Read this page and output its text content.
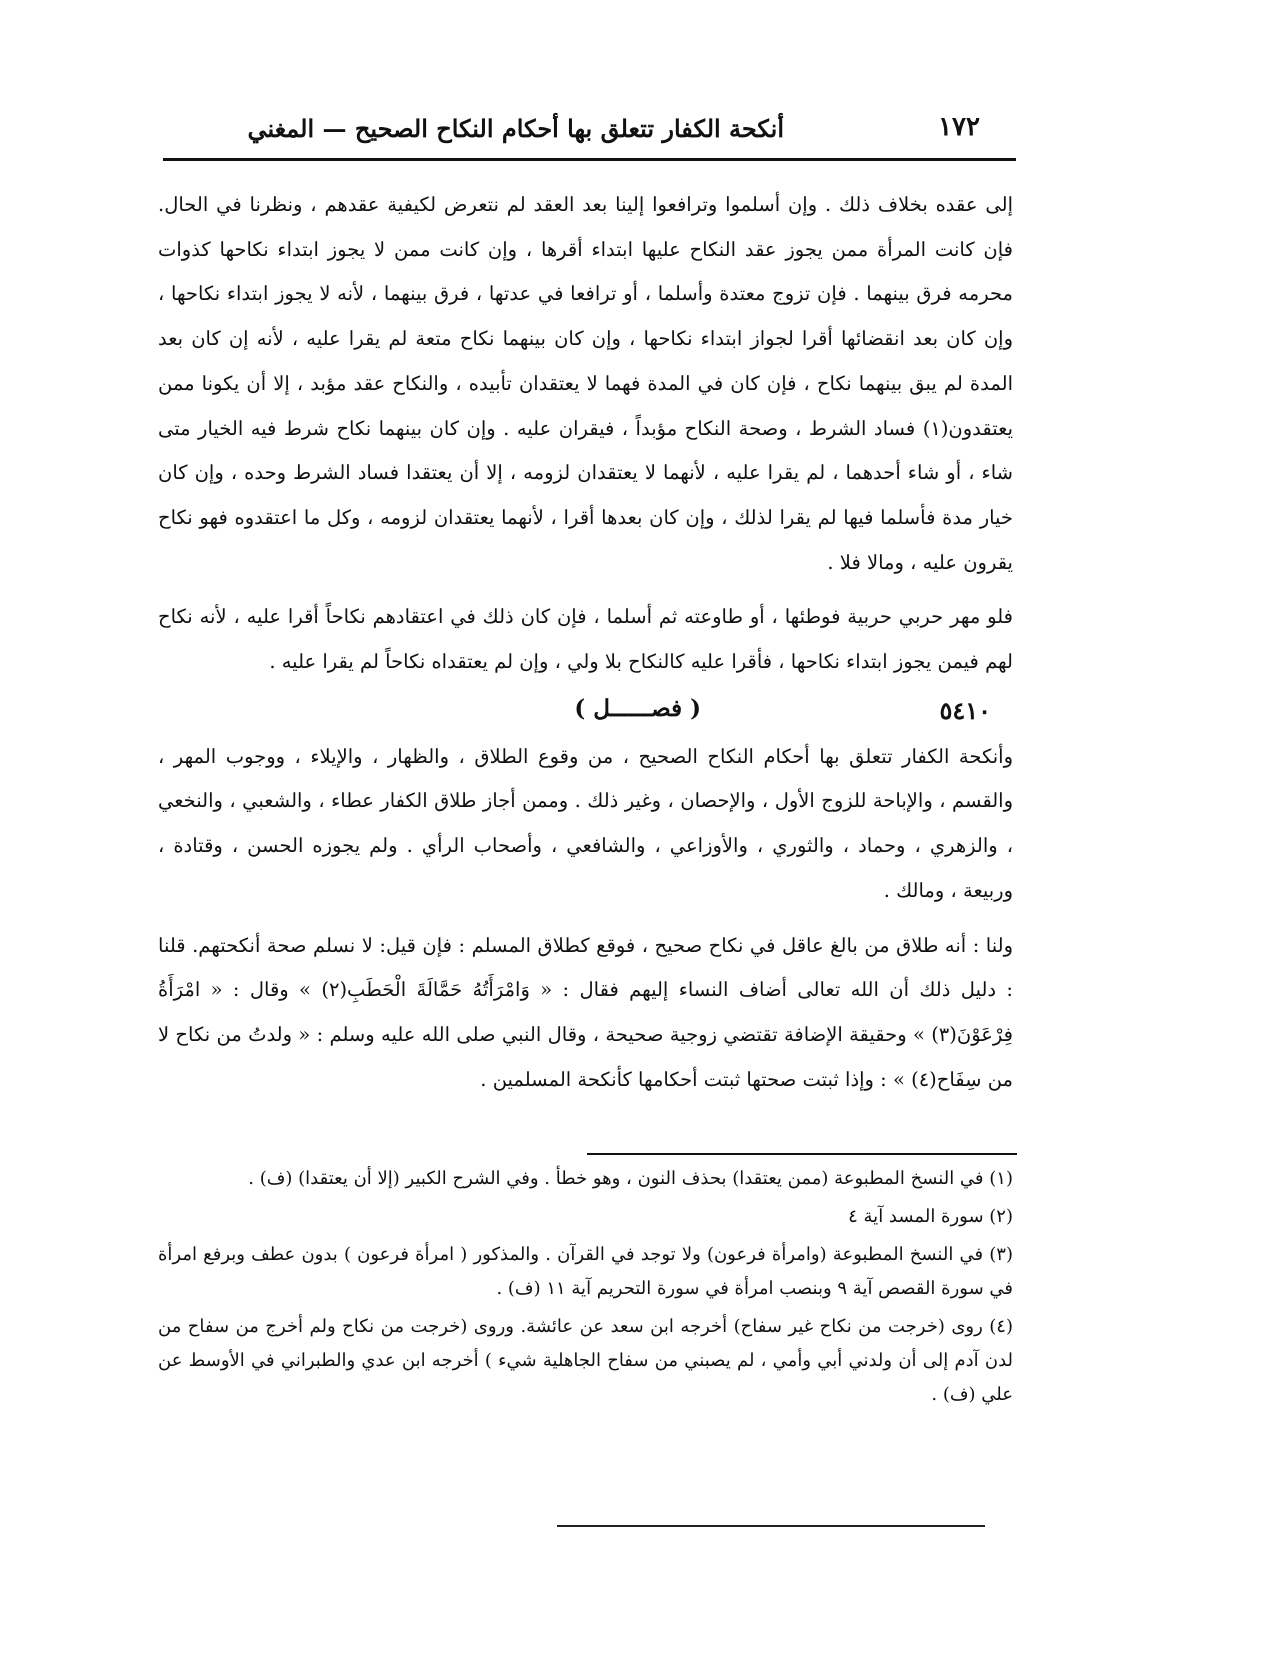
١٧٢
أنكحة الكفار تتعلق بها أحكام النكاح الصحيح — المغني

إلى عقده بخلاف ذلك . وإن أسلموا وترافعوا إلينا بعد العقد لم نتعرض لكيفية عقدهم ، ونظرنا في الحال. فإن كانت المرأة ممن يجوز عقد النكاح عليها ابتداء أقرها ، وإن كانت ممن لا يجوز ابتداء نكاحها كذوات محرمه فرق بينهما . فإن تزوج معتدة وأسلما ، أو ترافعا في عدتها ، فرق بينهما ، لأنه لا يجوز ابتداء نكاحها ، وإن كان بعد انقضائها أقرا لجواز ابتداء نكاحها ، وإن كان بينهما نكاح متعة لم يقرا عليه ، لأنه إن كان بعد المدة لم يبق بينهما نكاح ، فإن كان في المدة فهما لا يعتقدان تأبيده ، والنكاح عقد مؤبد ، إلا أن يكونا ممن يعتقدون(١) فساد الشرط ، وصحة النكاح مؤبداً ، فيقران عليه . وإن كان بينهما نكاح شرط فيه الخيار متى شاء ، أو شاء أحدهما ، لم يقرا عليه ، لأنهما لا يعتقدان لزومه ، إلا أن يعتقدا فساد الشرط وحده ، وإن كان خيار مدة فأسلما فيها لم يقرا لذلك ، وإن كان بعدها أقرا ، لأنهما يعتقدان لزومه ، وكل ما اعتقدوه فهو نكاح يقرون عليه ، ومالا فلا .

فلو مهر حربي حربية فوطئها ، أو طاوعته ثم أسلما ، فإن كان ذلك في اعتقادهم نكاحاً أقرا عليه ، لأنه نكاح لهم فيمن يجوز ابتداء نكاحها ، فأقرا عليه كالنكاح بلا ولي ، وإن لم يعتقداه نكاحاً لم يقرا عليه .

٥٤١٠
( فصــــــل )

وأنكحة الكفار تتعلق بها أحكام النكاح الصحيح ، من وقوع الطلاق ، والظهار ، والإيلاء ، ووجوب المهر ، والقسم ، والإباحة للزوج الأول ، والإحصان ، وغير ذلك . وممن أجاز طلاق الكفار عطاء ، والشعبي ، والنخعي ، والزهري ، وحماد ، والثوري ، والأوزاعي ، والشافعي ، وأصحاب الرأي . ولم يجوزه الحسن ، وقتادة ، وربيعة ، ومالك .

ولنا : أنه طلاق من بالغ عاقل في نكاح صحيح ، فوقع كطلاق المسلم : فإن قيل: لا نسلم صحة أنكحتهم. قلنا : دليل ذلك أن الله تعالى أضاف النساء إليهم فقال : « وَامْرَأَتُهُ حَمَّالَةَ الْحَطَبِ(٢) » وقال : « امْرَأَةُ فِرْعَوْنَ(٣) » وحقيقة الإضافة تقتضي زوجية صحيحة ، وقال النبي صلى الله عليه وسلم : « ولدتُ من نكاح لا من سِفَاح(٤) » : وإذا ثبتت صحتها ثبتت أحكامها كأنكحة المسلمين .

(١) في النسخ المطبوعة (ممن يعتقدا) بحذف النون ، وهو خطأ . وفي الشرح الكبير (إلا أن يعتقدا) (ف) .

(٢) سورة المسد آية ٤

(٣) في النسخ المطبوعة (وامرأة فرعون) ولا توجد في القرآن . والمذكور ( امرأة فرعون ) بدون عطف وبرفع امرأة في سورة القصص آية ٩ وبنصب امرأة في سورة التحريم آية ١١ (ف) .

(٤) روى (خرجت من نكاح غير سفاح) أخرجه ابن سعد عن عائشة. وروى (خرجت من نكاح ولم أخرج من سفاح من لدن آدم إلى أن ولدني أبي وأمي ، لم يصبني من سفاح الجاهلية شيء ) أخرجه ابن عدي والطبراني في الأوسط عن علي (ف) .
